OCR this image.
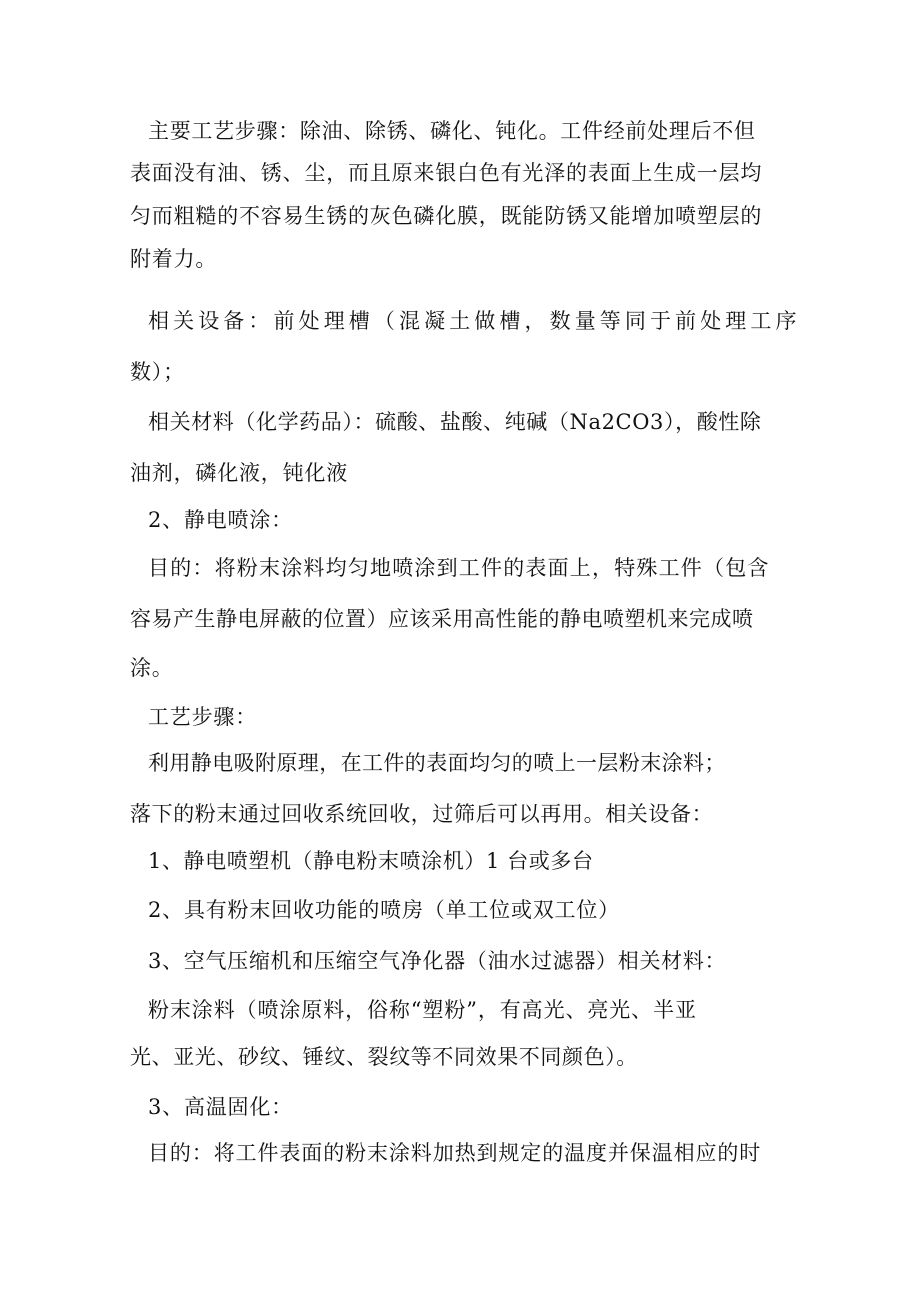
主要工艺步骤：除油、除锈、磷化、钝化。工件经前处理后不但
表面没有油、锈、尘，而且原来银白色有光泽的表面上生成一层均
匀而粗糙的不容易生锈的灰色磷化膜，既能防锈又能增加喷塑层的
附着力。
相关设备：前处理槽（混凝土做槽，数量等同于前处理工序
数）；
相关材料（化学药品）：硫酸、盐酸、纯碱（Na2CO3），酸性除
油剂，磷化液，钝化液
2、静电喷涂：
目的：将粉末涂料均匀地喷涂到工件的表面上，特殊工件（包含
容易产生静电屏蔽的位置）应该采用高性能的静电喷塑机来完成喷
涂。
工艺步骤：
利用静电吸附原理，在工件的表面均匀的喷上一层粉末涂料；
落下的粉末通过回收系统回收，过筛后可以再用。相关设备：
1、静电喷塑机（静电粉末喷涂机）1 台或多台
2、具有粉末回收功能的喷房（单工位或双工位）
3、空气压缩机和压缩空气净化器（油水过滤器）相关材料：
粉末涂料（喷涂原料，俗称“塑粉”，有高光、亮光、半亚
光、亚光、砂纹、锤纹、裂纹等不同效果不同颜色）。
3、高温固化：
目的：将工件表面的粉末涂料加热到规定的温度并保温相应的时
